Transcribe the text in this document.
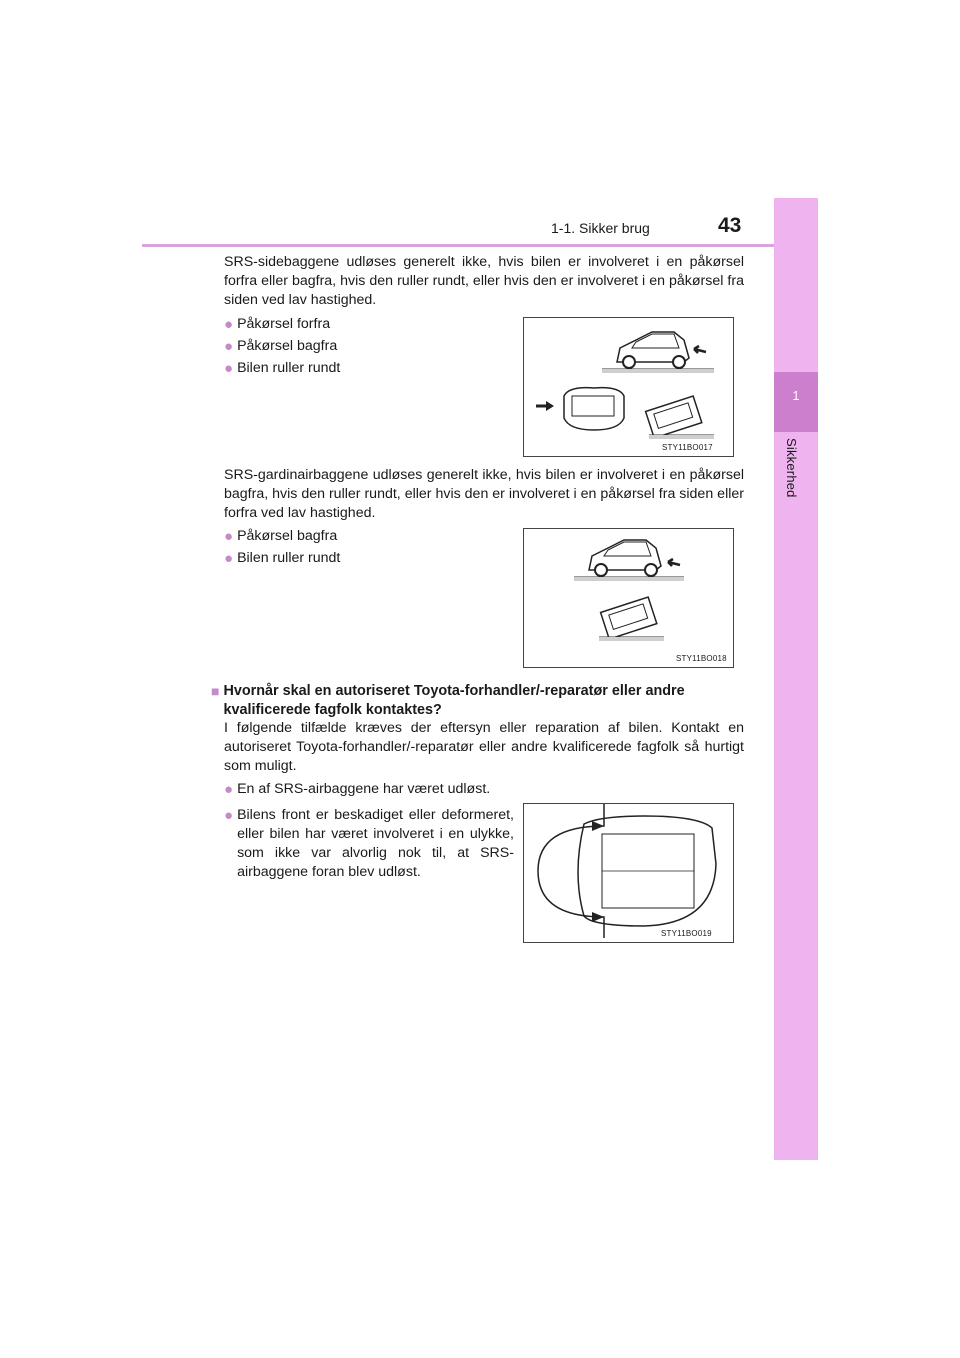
1-1. Sikker brug	43
1
Sikkerhed

SRS-sidebaggene udløses generelt ikke, hvis bilen er involveret i en påkørsel forfra eller bagfra, hvis den ruller rundt, eller hvis den er involveret i en påkørsel fra siden ved lav hastighed.

● Påkørsel forfra
● Påkørsel bagfra
● Bilen ruller rundt
STY11BO017

SRS-gardinairbaggene udløses generelt ikke, hvis bilen er involveret i en påkørsel bagfra, hvis den ruller rundt, eller hvis den er involveret i en påkørsel fra siden eller forfra ved lav hastighed.

● Påkørsel bagfra
● Bilen ruller rundt
STY11BO018
■ Hvornår skal en autoriseret Toyota-forhandler/-reparatør eller andre kvalificerede fagfolk kontaktes?

I følgende tilfælde kræves der eftersyn eller reparation af bilen. Kontakt en autoriseret Toyota-forhandler/-reparatør eller andre kvalificerede fagfolk så hurtigt som muligt.

● En af SRS-airbaggene har været udløst.
● Bilens front er beskadiget eller deformeret, eller bilen har været involveret i en ulykke, som ikke var alvorlig nok til, at SRS-airbaggene foran blev udløst.
STY11BO019
